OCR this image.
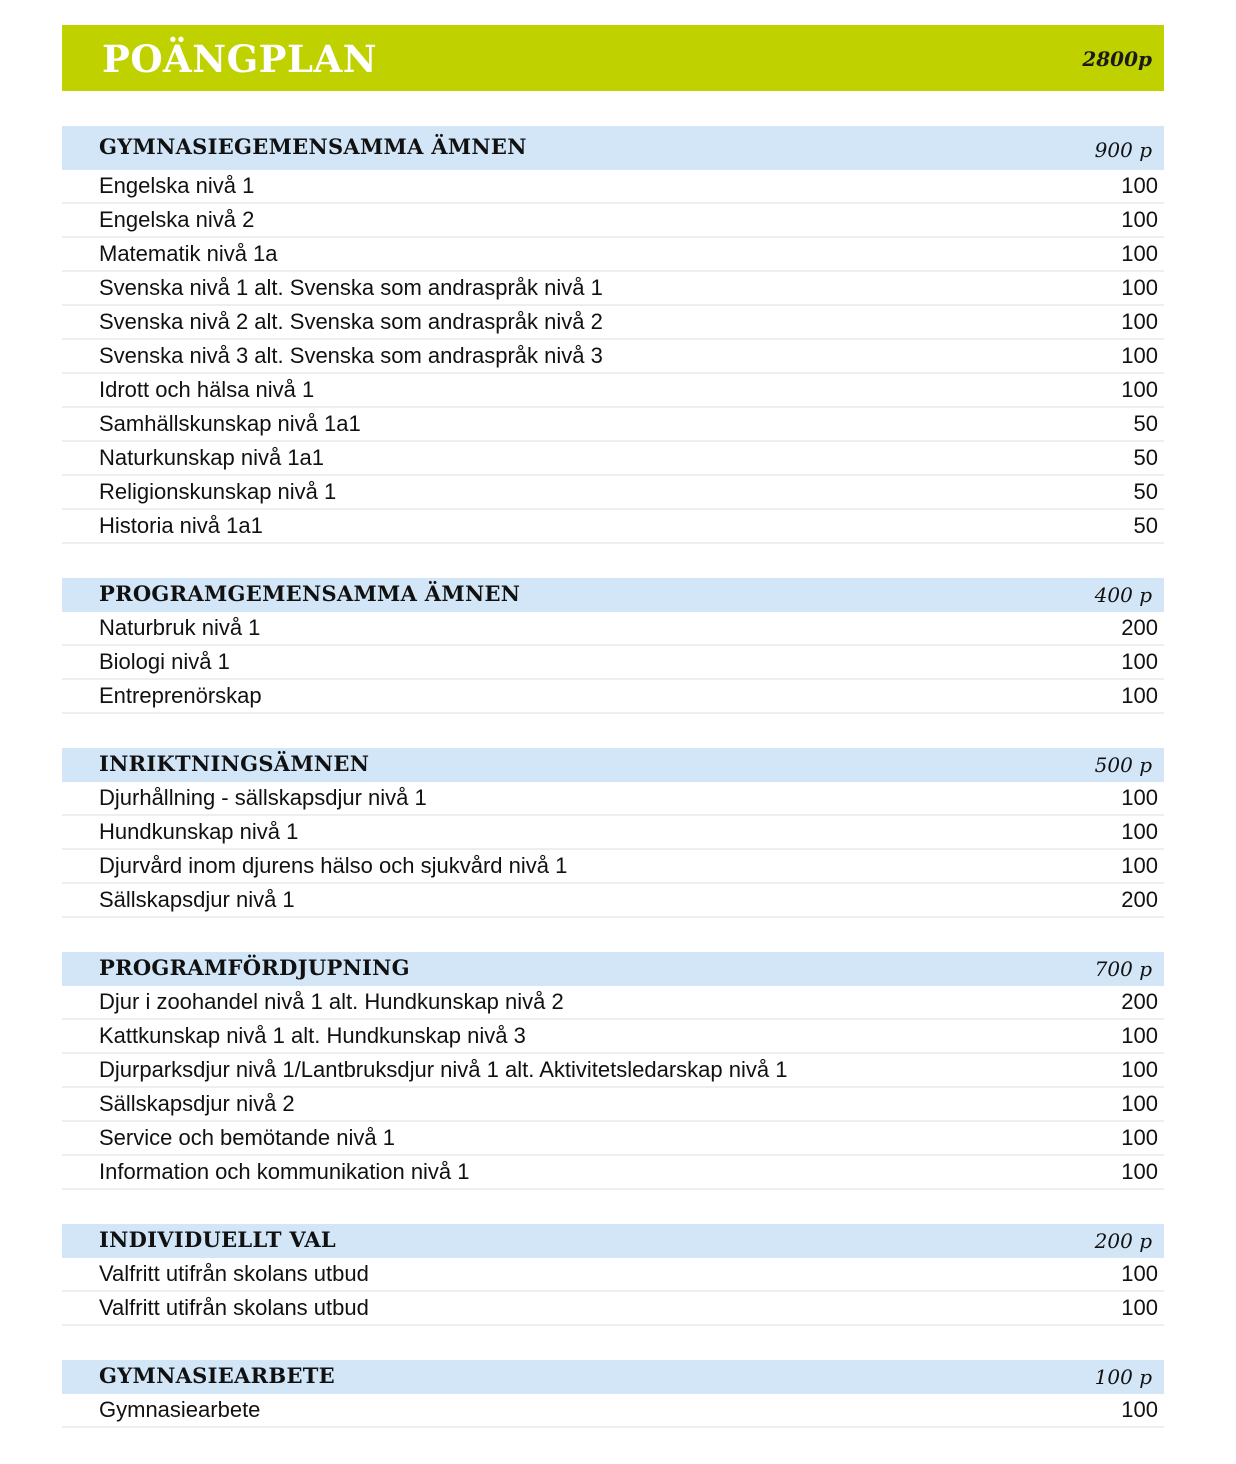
POÄNGPLAN	2800p
GYMNASIEGEMENSAMMA ÄMNEN	900 p
Engelska nivå 1	100
Engelska nivå 2	100
Matematik nivå 1a	100
Svenska nivå 1 alt. Svenska som andraspråk nivå 1	100
Svenska nivå 2 alt. Svenska som andraspråk nivå 2	100
Svenska nivå 3 alt. Svenska som andraspråk nivå 3	100
Idrott och hälsa nivå 1	100
Samhällskunskap nivå 1a1	50
Naturkunskap nivå 1a1	50
Religionskunskap nivå 1	50
Historia nivå 1a1	50
PROGRAMGEMENSAMMA ÄMNEN	400 p
Naturbruk nivå 1	200
Biologi nivå 1	100
Entreprenörskap	100
INRIKTNINGSÄMNEN	500 p
Djurhållning - sällskapsdjur nivå 1	100
Hundkunskap nivå 1	100
Djurvård inom djurens hälso och sjukvård nivå 1	100
Sällskapsdjur nivå 1	200
PROGRAMFÖRDJUPNING	700 p
Djur i zoohandel nivå 1 alt. Hundkunskap nivå 2	200
Kattkunskap nivå 1 alt. Hundkunskap nivå 3	100
Djurparksdjur nivå 1/Lantbruksdjur nivå 1 alt. Aktivitetsledarskap nivå 1	100
Sällskapsdjur nivå 2	100
Service och bemötande nivå 1	100
Information och kommunikation nivå 1	100
INDIVIDUELLT VAL	200 p
Valfritt utifrån skolans utbud	100
Valfritt utifrån skolans utbud	100
GYMNASIEARBETE	100 p
Gymnasiearbete	100
